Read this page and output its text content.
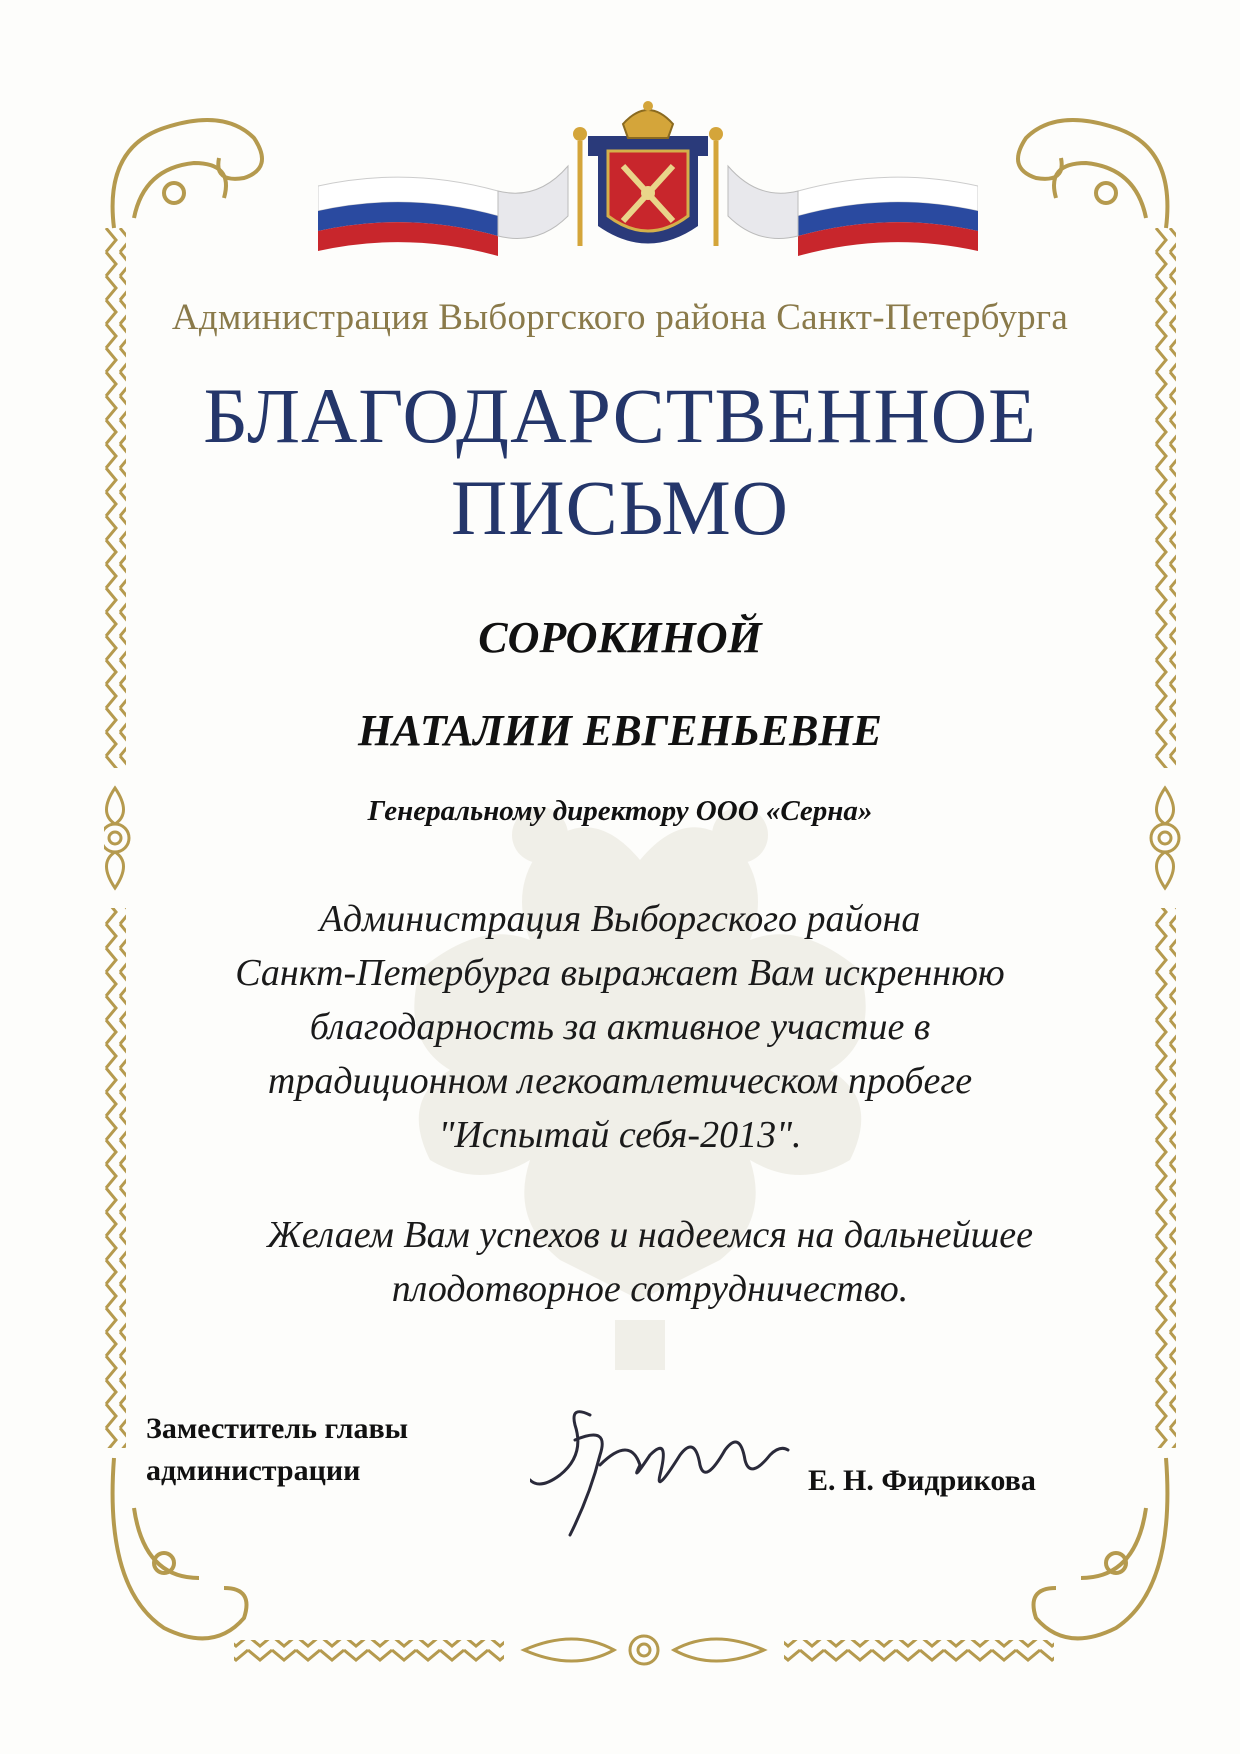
Администрация Выборгского района Санкт-Петербурга
БЛАГОДАРСТВЕННОЕ
ПИСЬМО
СОРОКИНОЙ
НАТАЛИИ ЕВГЕНЬЕВНЕ
Генеральному директору ООО «Серна»
Администрация Выборгского района
Санкт-Петербурга выражает Вам искреннюю
благодарность за активное участие в
традиционном легкоатлетическом пробеге
"Испытай себя-2013".
Желаем Вам успехов и надеемся на дальнейшее
плодотворное сотрудничество.
Заместитель главы
администрации	Е. Н. Фидрикова
